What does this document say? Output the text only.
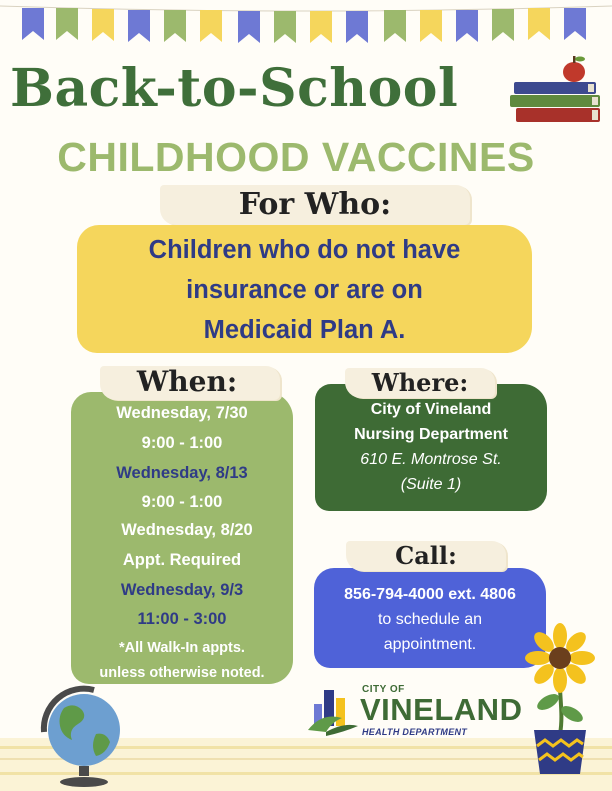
Back-to-School
CHILDHOOD VACCINES
For Who:
Children who do not have
insurance or are on
Medicaid Plan A.
When:
Wednesday, 7/30
9:00 - 1:00
Wednesday, 8/13
9:00 - 1:00
Wednesday, 8/20
Appt. Required
Wednesday, 9/3
11:00 - 3:00
*All Walk-In appts.
unless otherwise noted.
Where:
City of Vineland
Nursing Department
610 E. Montrose St.
(Suite 1)
Call:
856-794-4000 ext. 4806
to schedule an
appointment.
CITY OF
VINELAND
HEALTH DEPARTMENT
